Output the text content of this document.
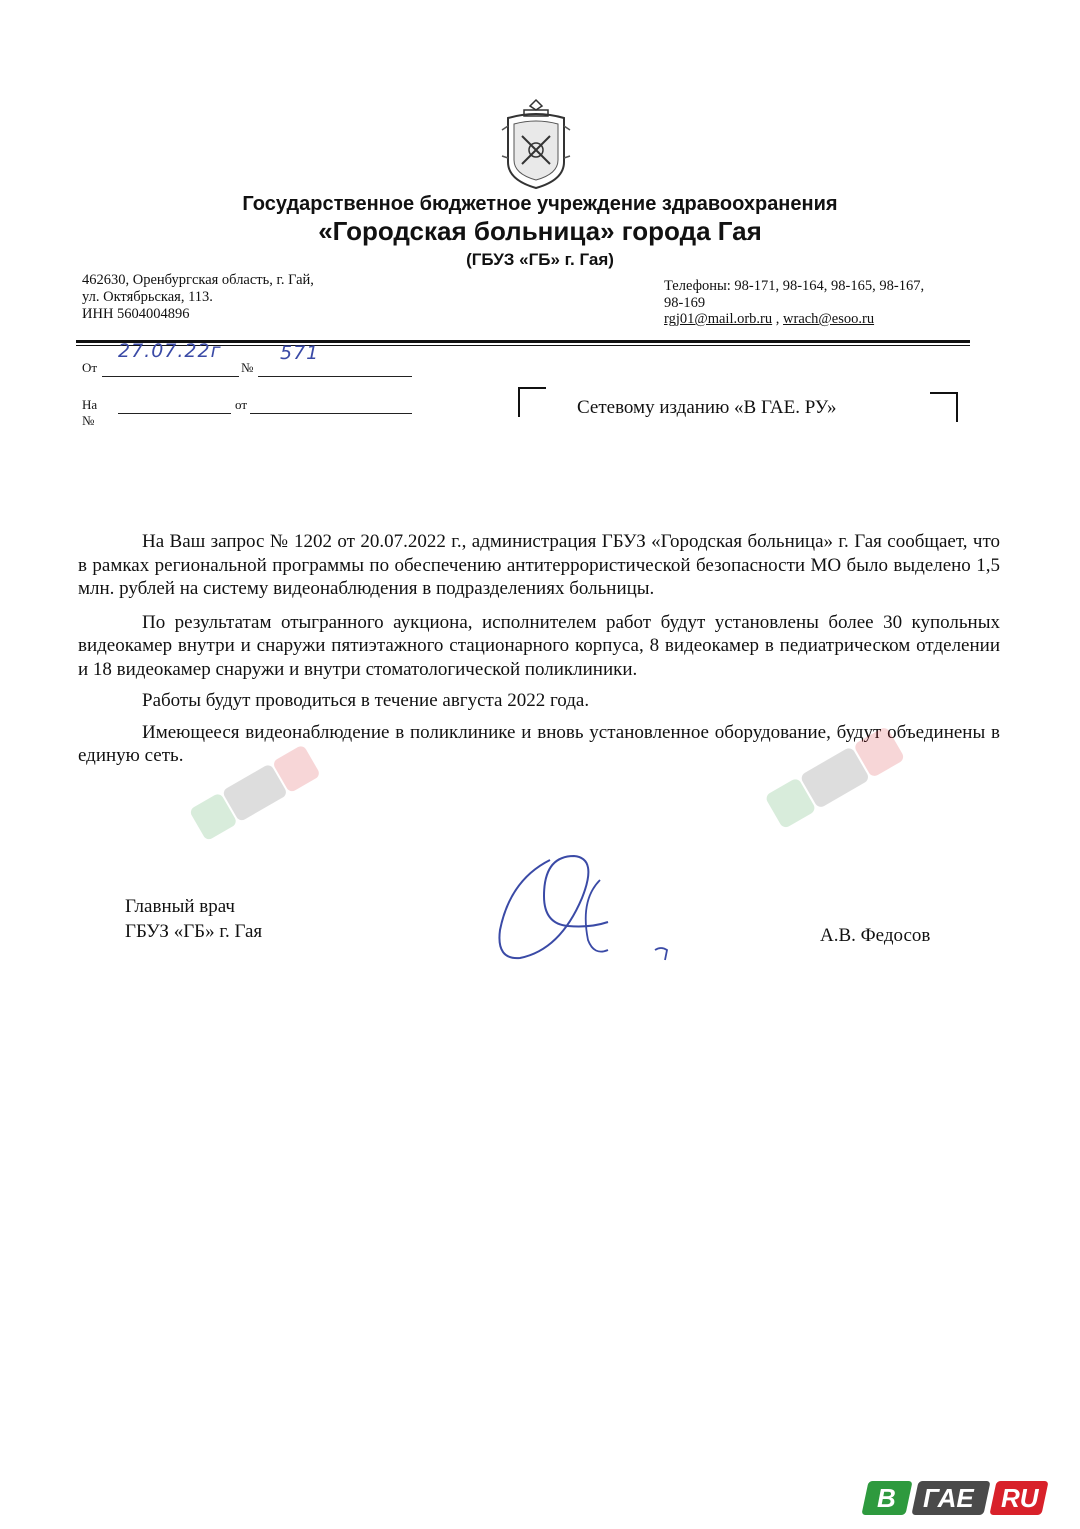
Государственное бюджетное учреждение здравоохранения
«Городская больница» города Гая
(ГБУЗ «ГБ» г. Гая)
462630, Оренбургская область, г. Гай,
ул. Октябрьская, 113.
ИНН 5604004896
Телефоны: 98-171, 98-164, 98-165, 98-167,
98-169
rgj01@mail.orb.ru , wrach@esoo.ru
От
27.07.22г
№
571
На №
от	Сетевому изданию «В ГАЕ. РУ»

На Ваш запрос № 1202 от 20.07.2022 г., администрация ГБУЗ «Городская больница» г. Гая сообщает, что в рамках региональной программы по обеспечению антитеррористической безопасности МО было выделено 1,5 млн. рублей на систему видеонаблюдения в подразделениях больницы.

По результатам отыгранного аукциона, исполнителем работ будут установлены более 30 купольных видеокамер внутри и снаружи пятиэтажного стационарного корпуса, 8 видеокамер в педиатрическом отделении и 18 видеокамер снаружи и внутри стоматологической поликлиники.

Работы будут проводиться в течение августа 2022 года.

Имеющееся видеонаблюдение в поликлинике и вновь установленное оборудование, будут объединены в единую сеть.

Главный врач
ГБУЗ «ГБ» г. Гая	А.В. Федосов
В ГАЕ RU
